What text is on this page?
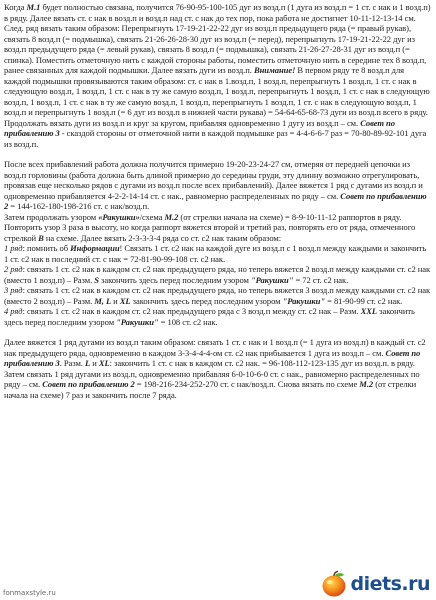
Когда М.1 будет полностью связана, получится 76-90-95-100-105 дуг из возд.п (1 дуга из возд.п = 1 ст. с нак и 1 возд.п) в ряду. Далее вязать ст. с нак в возд.п и возд.п над ст. с нак до тех пор, пока работа не достигнет 10-11-12-13-14 см. След. ряд вязать таким образом: Перепрыгнуть 17-19-21-22-22 дуг из возд.п предыдущего ряда (= правый рукав), связать 8 возд.п (= подмышка), связать 21-26-26-28-30 дуг из возд.п (= перед), перепрыгнуть 17-19-21-22-22 дуг из возд.п предыдущего ряда (= левый рукав), связать 8 возд.п (= подмышка), связать 21-26-27-28-31 дуг из возд.п (= спинка). Поместить отметочную нить с каждой стороны работы, поместить отметочную нить в середине тех 8 возд.п, ранее связанных для каждой подмышки. Далее вязать дуги из возд.п. Внимание! В первом ряду те 8 возд.п для каждой подмышки провязываются таким образом: ст. с нак в 1.возд.п, 1 возд.п, перепрыгнуть 1 возд.п, 1 ст. с нак в следующую возд.п, 1 возд.п, 1 ст. с нак в ту же самую возд.п, 1 возд.п, перепрыгнуть 1 возд.п, 1 ст. с нак в следующую возд.п, 1 возд.п, 1 ст. с нак в ту же самую возд.п, 1 возд.п, перепрыгнуть 1 возд.п, 1 ст. с нак в следующую возд.п, 1 возд.п и перепрыгнуть 1 возд.п (= 6 дуг из возд.п в нижней части рукава) = 54-64-65-68-73 дуги из возд.п всего в ряду. Продолжать вязать дуги из возд.п и круг за кругом, прибавляя одновременно 1 дугу из возд.п – см. Совет по прибавлению 3 - сказдой стороны от отметочной нити в каждой подмышке раз = 4-4-6-6-7 раз = 70-80-89-92-101 дуга из возд.п.

После всех прибавлений работа должна получится примерно 19-20-23-24-27 см, отмеряя от передней цепочки из возд.п горловины (работа должна быть длиной примерно до середины груди, эту длинну возможно отрегулировать, провязав еще несколько рядов с дугами из возд.п после всех прибавлений). Далее вяжется 1 ряд с дугами из возд.п и одновременно прибавляется 4-2-2-14-14 ст. с нак., равномерно распределенных по ряду – см. Совет по прибавлению 2 = 144-162-180-198-216 ст. с нак/возд.п.

Затем продолжать узором «Ракушки»/схема М.2 (от стрелки начала на схеме) = 8-9-10-11-12 раппортов в ряду. Повторить узор 3 раза в высоту, но когда раппорт вяжется второй и третий раз, повторять его от ряда, отмеченного стрелкой В на схеме. Далее вязать 2-3-3-3-4 ряда со ст. с2 нак таким образом:

1 ряд: помнить об Информации! Связать 1 ст. с2 нак на каждой дуге из возд.п с 1 возд.п между каждыми и закончить 1 ст. с2 нак в последний ст. с нак = 72-81-90-99-108 ст. с2 нак.

2 ряд: связать 1 ст. с2 нак в каждом ст. с2 нак предыдущего ряда, но теперь вяжется 2 возд.п между каждыми ст. с2 нак (вместо 1 возд.п) – Разм. S закончить здесь перед последним узором "Ракушки" = 72 ст. с2 нак.

3 ряд: связать 1 ст. с2 нак в каждом ст. с2 нак предыдущего ряда, но теперь вяжется 3 возд.п между каждыми ст. с2 нак (вместо 2 возд.п) – Разм. M, L и XL закончить здесь перед последним узором "Ракушки" = 81-90-99 ст. с2 нак.

4 ряд: связать 1 ст. с2 нак в каждом ст. с2 нак предыдущего ряда с 3 возд.п между ст. с2 нак – Разм. XXL закончить здесь перед последним узором "Ракушки" = 108 ст. с2 нак.

Далее вяжется 1 ряд дугами из возд.п таким образом: связать 1 ст. с нак и 1 возд.п (= 1 дуга из возд.п) в каждый ст. с2 нак предыдущего ряда, одновременно в каждом 3-3-4-4-4-ом ст. с2 нак прибывается 1 дуга из возд.п – см. Совет по прибавлению 3. Разм. L и XL: закончить 1 ст. с нак в каждом ст. с2 нак. = 96-108-112-123-135 дуг из возд.п. в ряду. Затем связать 1 ряд дугами из возд.п, одновременно прибавляя 6-0-10-6-0 ст. с нак., равномерно распределенных по ряду – см. Совет по прибавлению 2 = 198-216-234-252-270 ст. с нак/возд.п. Снова вязать по схеме М.2 (от стрелки начала на схеме) 7 раз и закончить после 7 ряда.

fonmaxstyle.ru	diets.ru
